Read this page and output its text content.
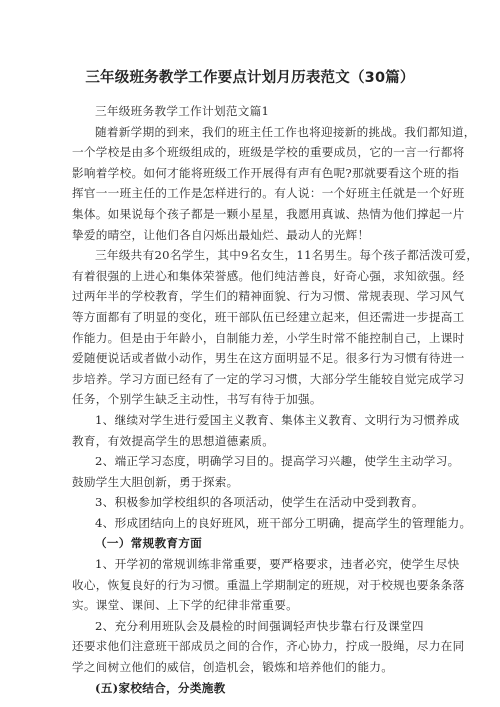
三年级班务教学工作要点计划月历表范文（30篇）
三年级班务教学工作计划范文篇1
随着新学期的到来，我们的班主任工作也将迎接新的挑战。我们都知道，
一个学校是由多个班级组成的，班级是学校的重要成员，它的一言一行都将
影响着学校。如何才能将班级工作开展得有声有色呢?那就要看这个班的指
挥官一一班主任的工作是怎样进行的。有人说：一个好班主任就是一个好班
集体。如果说每个孩子都是一颗小星星，我愿用真诚、热情为他们撑起一片
挚爱的晴空，让他们各自闪烁出最灿烂、最动人的光辉！
三年级共有20名学生，其中9名女生，11名男生。每个孩子都活泼可爱，
有着很强的上进心和集体荣誉感。他们纯洁善良，好奇心强，求知欲强。经
过两年半的学校教育，学生们的精神面貌、行为习惯、常规表现、学习风气
等方面都有了明显的变化，班干部队伍已经建立起来，但还需进一步提高工
作能力。但是由于年龄小，自制能力差，小学生时常不能控制自己，上课时
爱随便说话或者做小动作，男生在这方面明显不足。很多行为习惯有待进一
步培养。学习方面已经有了一定的学习习惯，大部分学生能较自觉完成学习
任务，个别学生缺乏主动性，书写有待于加强。
1、继续对学生进行爱国主义教育、集体主义教育、文明行为习惯养成
教育，有效提高学生的思想道德素质。
2、端正学习态度，明确学习目的。提高学习兴趣，使学生主动学习。
鼓励学生大胆创新，勇于探索。
3、积极参加学校组织的各项活动，使学生在活动中受到教育。
4、形成团结向上的良好班风，班干部分工明确，提高学生的管理能力。
（一）常规教育方面
1、开学初的常规训练非常重要，要严格要求，违者必究，使学生尽快
收心，恢复良好的行为习惯。重温上学期制定的班规，对于校规也要条条落
实。课堂、课间、上下学的纪律非常重要。
2、充分利用班队会及晨检的时间强调轻声快步靠右行及课堂四
还要求他们注意班干部成员之间的合作，齐心协力，拧成一股绳，尽力在同
学之间树立他们的威信，创造机会，锻炼和培养他们的能力。
(五)家校结合，分类施教
